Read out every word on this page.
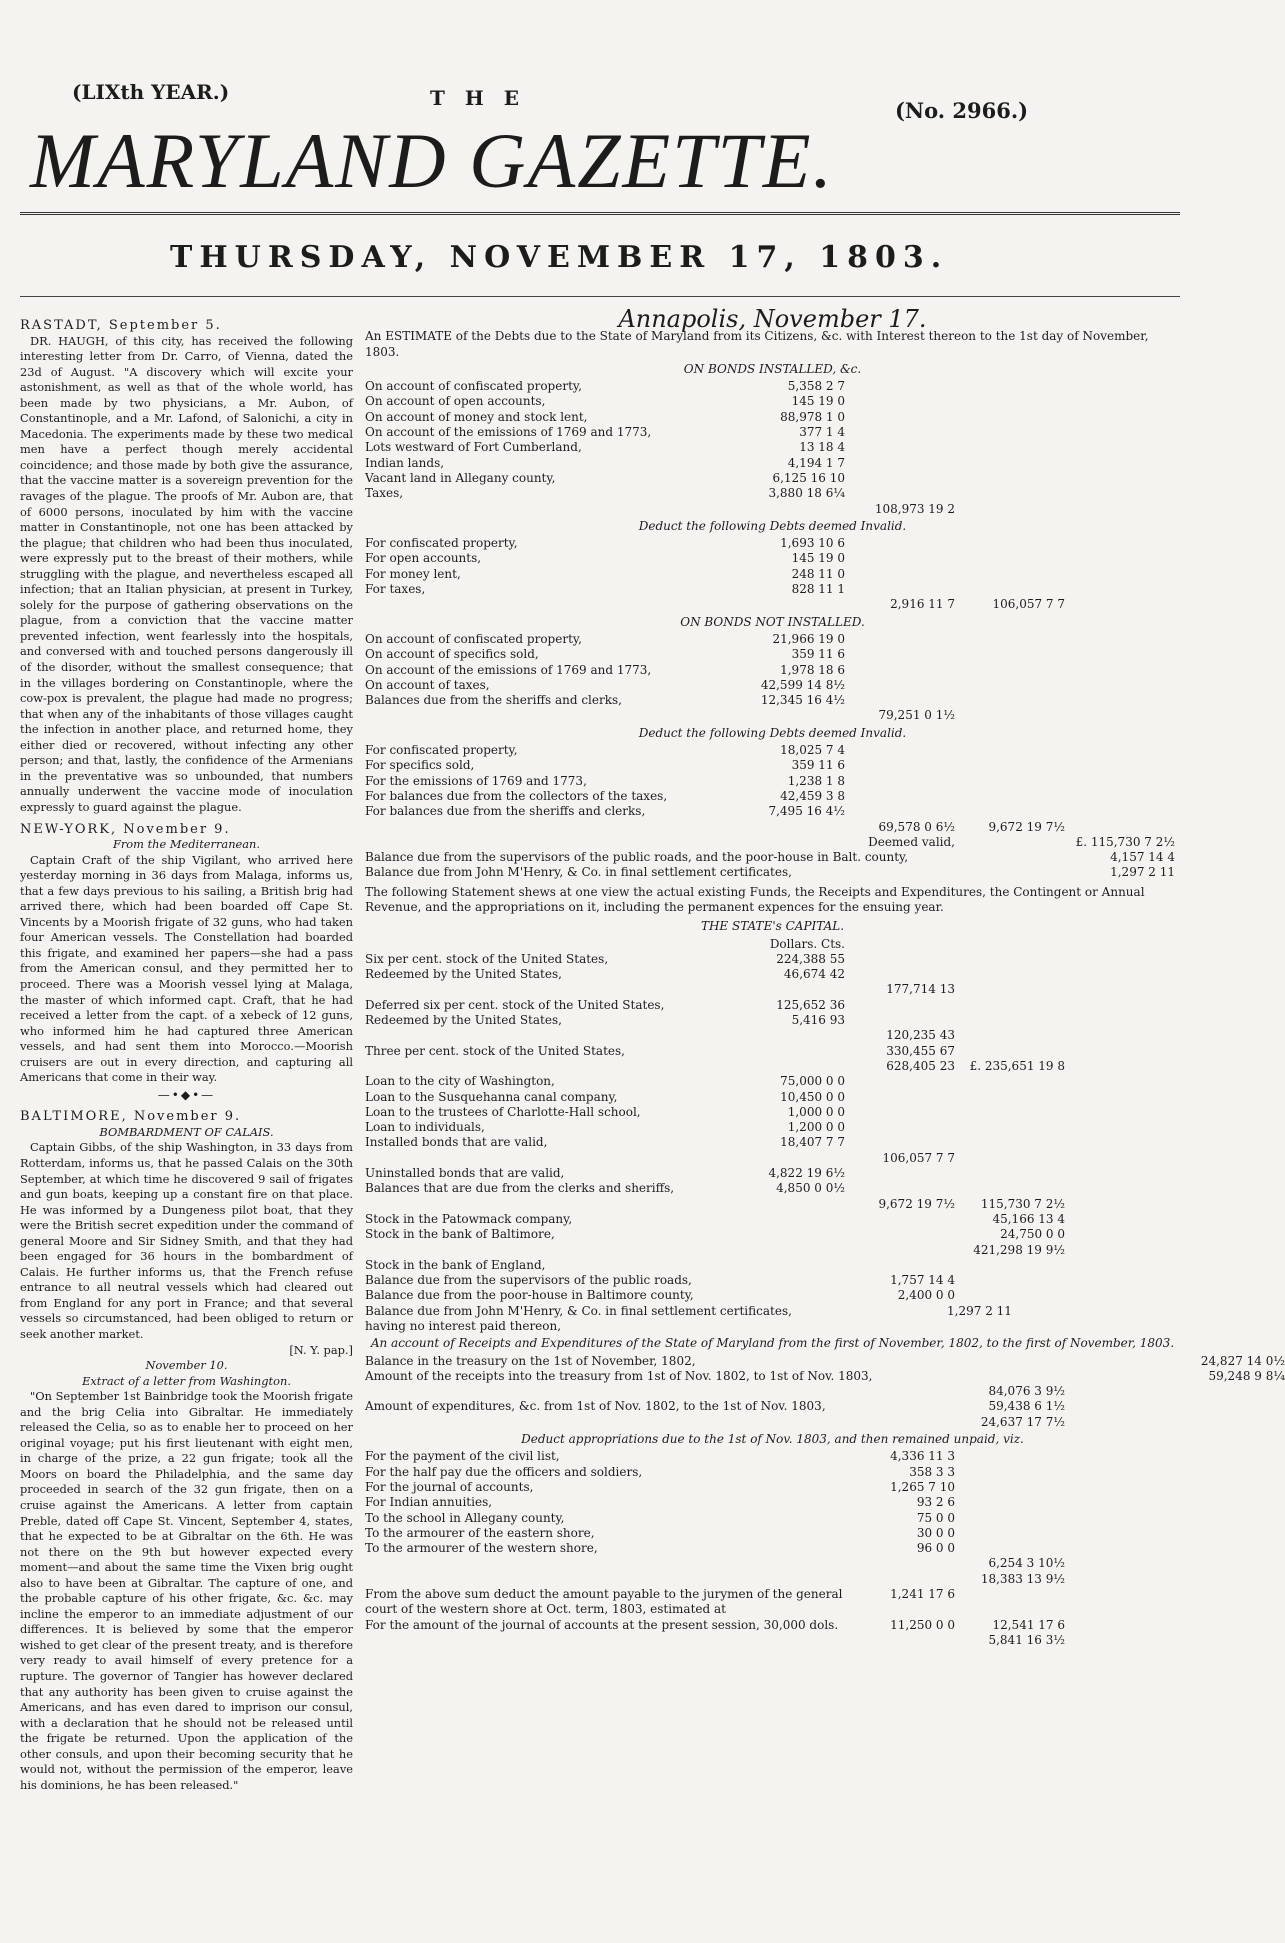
(LIXth YEAR.)	THE	(No. 2966.)
MARYLAND GAZETTE.
THURSDAY, NOVEMBER 17, 1803.

RASTADT, September 5.

DR. HAUGH, of this city, has received the following interesting letter from Dr. Carro, of Vienna, dated the 23d of August. "A discovery which will excite your astonishment, as well as that of the whole world, has been made by two physicians, a Mr. Aubon, of Constantinople, and a Mr. Lafond, of Salonichi, a city in Macedonia. The experiments made by these two medical men have a perfect though merely accidental coincidence; and those made by both give the assurance, that the vaccine matter is a sovereign prevention for the ravages of the plague. The proofs of Mr. Aubon are, that of 6000 persons, inoculated by him with the vaccine matter in Constantinople, not one has been attacked by the plague; that children who had been thus inoculated, were expressly put to the breast of their mothers, while struggling with the plague, and nevertheless escaped all infection; that an Italian physician, at present in Turkey, solely for the purpose of gathering observations on the plague, from a conviction that the vaccine matter prevented infection, went fearlessly into the hospitals, and conversed with and touched persons dangerously ill of the disorder, without the smallest consequence; that in the villages bordering on Constantinople, where the cow-pox is prevalent, the plague had made no progress; that when any of the inhabitants of those villages caught the infection in another place, and returned home, they either died or recovered, without infecting any other person; and that, lastly, the confidence of the Armenians in the preventative was so unbounded, that numbers annually underwent the vaccine mode of inoculation expressly to guard against the plague.

NEW-YORK, November 9.

From the Mediterranean.

Captain Craft of the ship Vigilant, who arrived here yesterday morning in 36 days from Malaga, informs us, that a few days previous to his sailing, a British brig had arrived there, which had been boarded off Cape St. Vincents by a Moorish frigate of 32 guns, who had taken four American vessels. The Constellation had boarded this frigate, and examined her papers—she had a pass from the American consul, and they permitted her to proceed. There was a Moorish vessel lying at Malaga, the master of which informed capt. Craft, that he had received a letter from the capt. of a xebeck of 12 guns, who informed him he had captured three American vessels, and had sent them into Morocco.—Moorish cruisers are out in every direction, and capturing all Americans that come in their way.

—•◆•—

BALTIMORE, November 9.

BOMBARDMENT OF CALAIS.

Captain Gibbs, of the ship Washington, in 33 days from Rotterdam, informs us, that he passed Calais on the 30th September, at which time he discovered 9 sail of frigates and gun boats, keeping up a constant fire on that place. He was informed by a Dungeness pilot boat, that they were the British secret expedition under the command of general Moore and Sir Sidney Smith, and that they had been engaged for 36 hours in the bombardment of Calais. He further informs us, that the French refuse entrance to all neutral vessels which had cleared out from England for any port in France; and that several vessels so circumstanced, had been obliged to return or seek another market.

[N. Y. pap.]

November 10.

Extract of a letter from Washington.

"On September 1st Bainbridge took the Moorish frigate and the brig Celia into Gibraltar. He immediately released the Celia, so as to enable her to proceed on her original voyage; put his first lieutenant with eight men, in charge of the prize, a 22 gun frigate; took all the Moors on board the Philadelphia, and the same day proceeded in search of the 32 gun frigate, then on a cruise against the Americans. A letter from captain Preble, dated off Cape St. Vincent, September 4, states, that he expected to be at Gibraltar on the 6th. He was not there on the 9th but however expected every moment—and about the same time the Vixen brig ought also to have been at Gibraltar. The capture of one, and the probable capture of his other frigate, &c. &c. may incline the emperor to an immediate adjustment of our differences. It is believed by some that the emperor wished to get clear of the present treaty, and is therefore very ready to avail himself of every pretence for a rupture. The governor of Tangier has however declared that any authority has been given to cruise against the Americans, and has even dared to imprison our consul, with a declaration that he should not be released until the frigate be returned. Upon the application of the other consuls, and upon their becoming security that he would not, without the permission of the emperor, leave his dominions, he has been released."

Annapolis, November 17.
An ESTIMATE of the Debts due to the State of Maryland from its Citizens, &c. with Interest thereon to the 1st day of November, 1803.
ON BONDS INSTALLED, &c.
On account of confiscated property,	5,358 2 7
On account of open accounts,	145 19 0
On account of money and stock lent,	88,978 1 0
On account of the emissions of 1769 and 1773,	377 1 4
Lots westward of Fort Cumberland,	13 18 4
Indian lands,	4,194 1 7
Vacant land in Allegany county,	6,125 16 10
Taxes,	3,880 18 6¼
108,973 19 2
Deduct the following Debts deemed Invalid.
For confiscated property,	1,693 10 6
For open accounts,	145 19 0
For money lent,	248 11 0
For taxes,	828 11 1
2,916 11 7	106,057 7 7
ON BONDS NOT INSTALLED.
On account of confiscated property,	21,966 19 0
On account of specifics sold,	359 11 6
On account of the emissions of 1769 and 1773,	1,978 18 6
On account of taxes,	42,599 14 8½
Balances due from the sheriffs and clerks,	12,345 16 4½
79,251 0 1½
Deduct the following Debts deemed Invalid.
For confiscated property,	18,025 7 4
For specifics sold,	359 11 6
For the emissions of 1769 and 1773,	1,238 1 8
For balances due from the collectors of the taxes,	42,459 3 8
For balances due from the sheriffs and clerks,	7,495 16 4½
69,578 0 6½	9,672 19 7½
Deemed valid,	£. 115,730 7 2½
Balance due from the supervisors of the public roads, and the poor-house in Balt. county,	4,157 14 4
Balance due from John M'Henry, & Co. in final settlement certificates,	1,297 2 11
The following Statement shews at one view the actual existing Funds, the Receipts and Expenditures, the Contingent or Annual Revenue, and the appropriations on it, including the permanent expences for the ensuing year.
THE STATE's CAPITAL.
Dollars. Cts.
Six per cent. stock of the United States,	224,388 55
Redeemed by the United States,	46,674 42
177,714 13
Deferred six per cent. stock of the United States,	125,652 36
Redeemed by the United States,	5,416 93
120,235 43
Three per cent. stock of the United States,	330,455 67
628,405 23	£. 235,651 19 8
Loan to the city of Washington,	75,000 0 0
Loan to the Susquehanna canal company,	10,450 0 0
Loan to the trustees of Charlotte-Hall school,	1,000 0 0
Loan to individuals,	1,200 0 0
Installed bonds that are valid,	18,407 7 7
106,057 7 7
Uninstalled bonds that are valid,	4,822 19 6½
Balances that are due from the clerks and sheriffs,	4,850 0 0½
9,672 19 7½	115,730 7 2½
Stock in the Patowmack company,	45,166 13 4
Stock in the bank of Baltimore,	24,750 0 0
421,298 19 9½
Stock in the bank of England,
Balance due from the supervisors of the public roads,	1,757 14 4
Balance due from the poor-house in Baltimore county,	2,400 0 0
Balance due from John M'Henry, & Co. in final settlement certificates,	1,297 2 11
having no interest paid thereon,
An account of Receipts and Expenditures of the State of Maryland from the first of November, 1802, to the first of November, 1803.
Balance in the treasury on the 1st of November, 1802,	24,827 14 0½
Amount of the receipts into the treasury from 1st of Nov. 1802, to 1st of Nov. 1803,	59,248 9 8¼
84,076 3 9½
Amount of expenditures, &c. from 1st of Nov. 1802, to the 1st of Nov. 1803,	59,438 6 1½
24,637 17 7½
Deduct appropriations due to the 1st of Nov. 1803, and then remained unpaid, viz.
For the payment of the civil list,	4,336 11 3
For the half pay due the officers and soldiers,	358 3 3
For the journal of accounts,	1,265 7 10
For Indian annuities,	93 2 6
To the school in Allegany county,	75 0 0
To the armourer of the eastern shore,	30 0 0
To the armourer of the western shore,	96 0 0
6,254 3 10½
18,383 13 9½
From the above sum deduct the amount payable to the jurymen of the general court of the western shore at Oct. term, 1803, estimated at
1,241 17 6
For the amount of the journal of accounts at the present session, 30,000 dols.	11,250 0 0	12,541 17 6
5,841 16 3½
